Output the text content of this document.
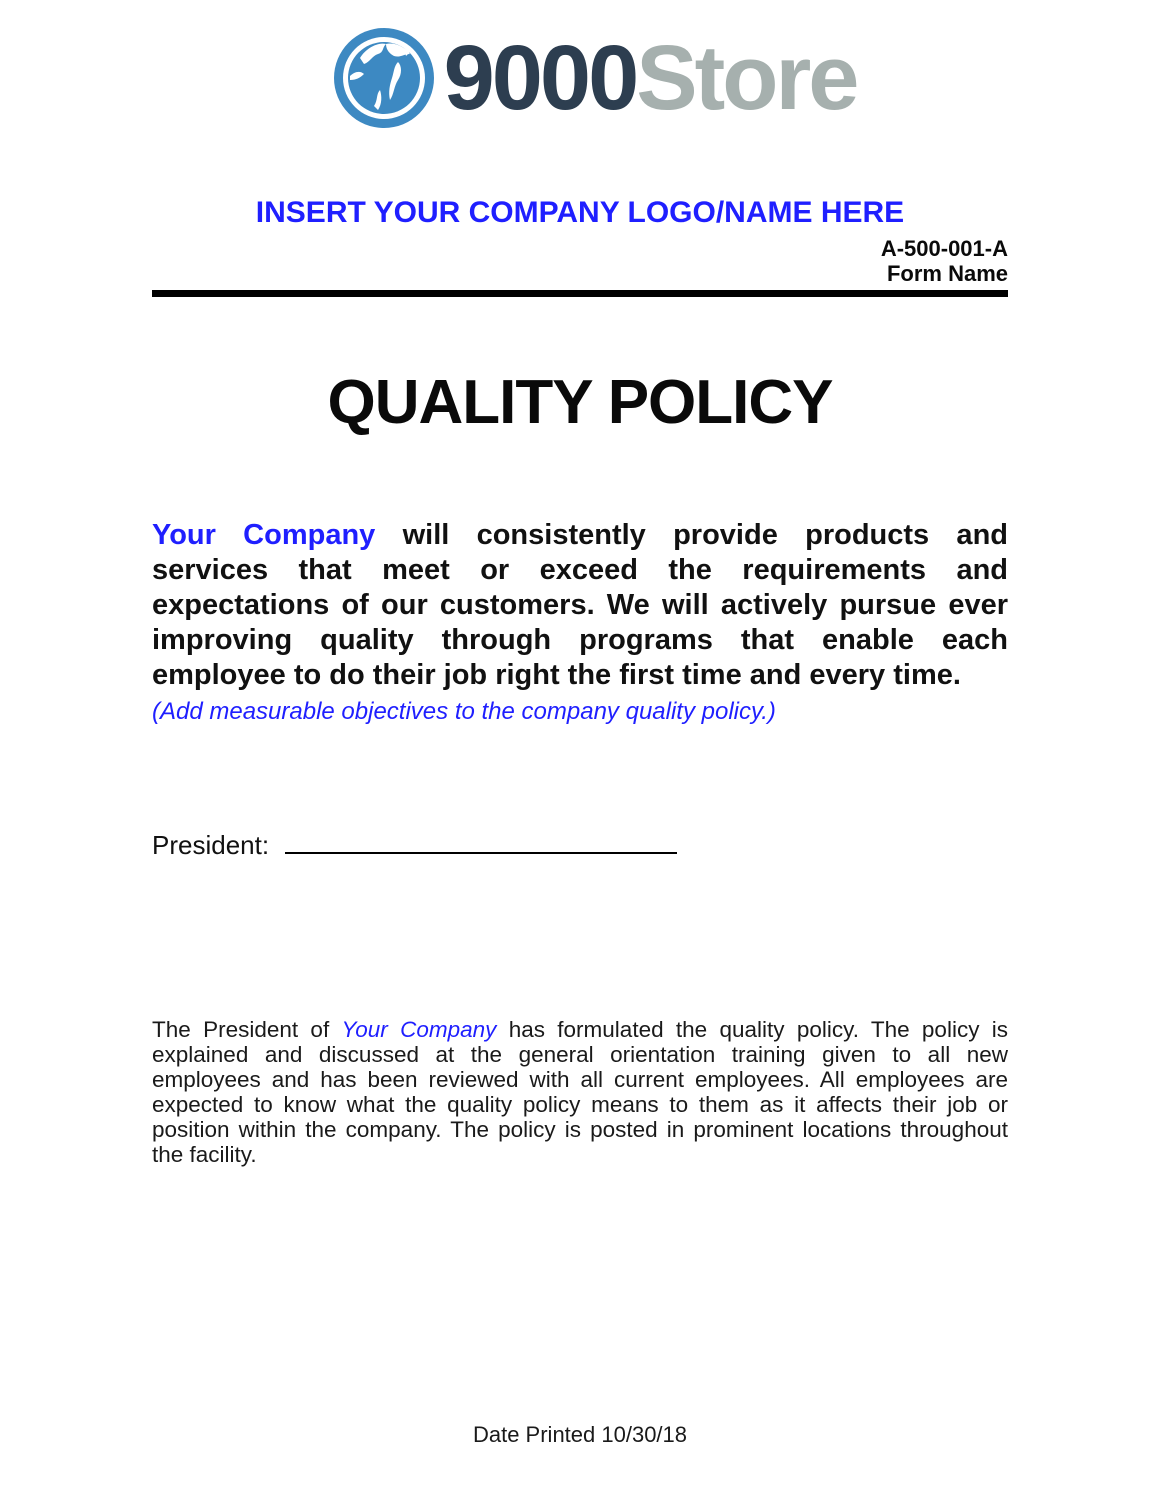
9000Store
INSERT YOUR COMPANY LOGO/NAME HERE
A-500-001-A
Form Name
QUALITY POLICY

Your Company will consistently provide products and services that meet or exceed the requirements and expectations of our customers. We will actively pursue ever improving quality through programs that enable each employee to do their job right the first time and every time.

(Add measurable objectives to the company quality policy.)

President:

The President of Your Company has formulated the quality policy. The policy is explained and discussed at the general orientation training given to all new employees and has been reviewed with all current employees. All employees are expected to know what the quality policy means to them as it affects their job or position within the company. The policy is posted in prominent locations throughout the facility.

Date Printed 10/30/18
